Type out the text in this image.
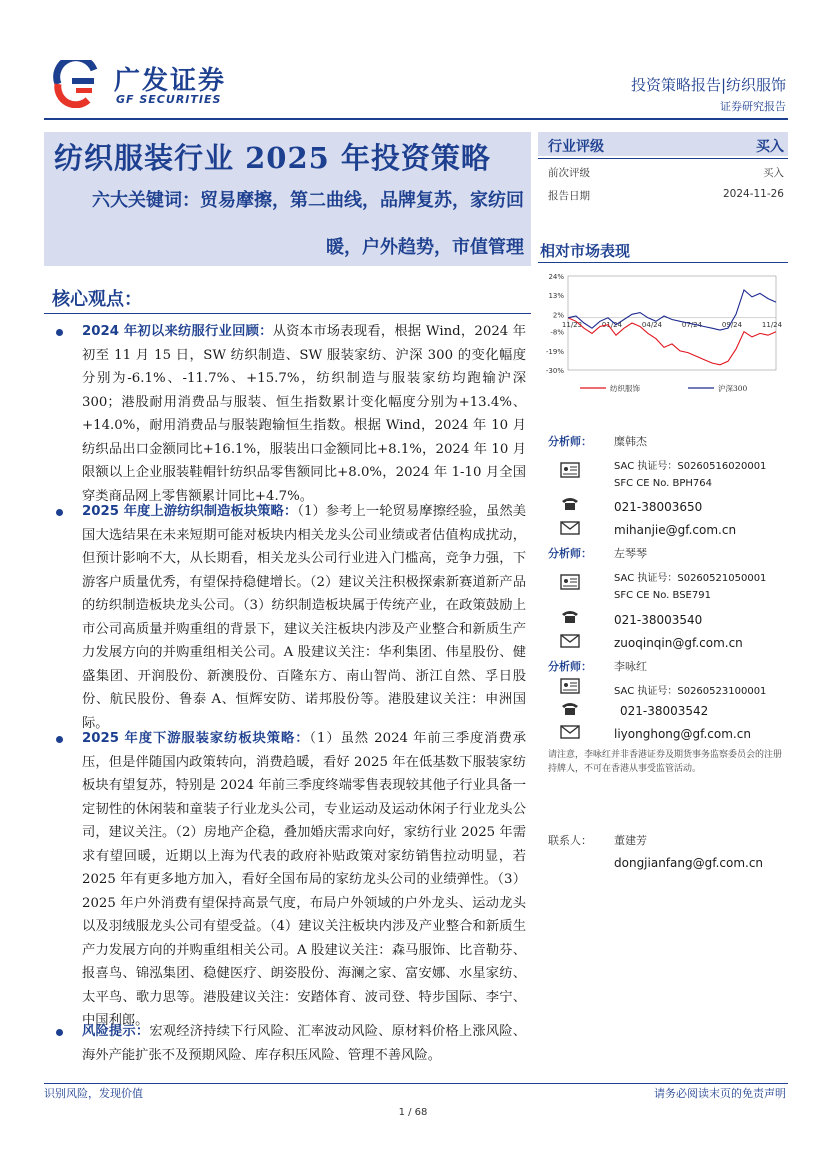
广发证券
GF SECURITIES
投资策略报告|纺织服饰
证券研究报告
纺织服装行业 2025 年投资策略
六大关键词：贸易摩擦，第二曲线，品牌复苏，家纺回
暖，户外趋势，市值管理
核心观点：
2024 年初以来纺服行业回顾：从资本市场表现看，根据 Wind，2024 年初至 11 月 15 日，SW 纺织制造、SW 服装家纺、沪深 300 的变化幅度分别为-6.1%、-11.7%、+15.7%，纺织制造与服装家纺均跑输沪深 300；港股耐用消费品与服装、恒生指数累计变化幅度分别为+13.4%、+14.0%，耐用消费品与服装跑输恒生指数。根据 Wind，2024 年 10 月纺织品出口金额同比+16.1%，服装出口金额同比+8.1%，2024 年 10 月限额以上企业服装鞋帽针纺织品零售额同比+8.0%，2024 年 1-10 月全国穿类商品网上零售额累计同比+4.7%。
2025 年度上游纺织制造板块策略：（1）参考上一轮贸易摩擦经验，虽然美国大选结果在未来短期可能对板块内相关龙头公司业绩或者估值构成扰动，但预计影响不大，从长期看，相关龙头公司行业进入门槛高，竞争力强，下游客户质量优秀，有望保持稳健增长。（2）建议关注积极探索新赛道新产品的纺织制造板块龙头公司。（3）纺织制造板块属于传统产业，在政策鼓励上市公司高质量并购重组的背景下，建议关注板块内涉及产业整合和新质生产力发展方向的并购重组相关公司。A 股建议关注：华利集团、伟星股份、健盛集团、开润股份、新澳股份、百隆东方、南山智尚、浙江自然、孚日股份、航民股份、鲁泰 A、恒辉安防、诺邦股份等。港股建议关注：申洲国际。
2025 年度下游服装家纺板块策略：（1）虽然 2024 年前三季度消费承压，但是伴随国内政策转向，消费趋暖，看好 2025 年在低基数下服装家纺板块有望复苏，特别是 2024 年前三季度终端零售表现较其他子行业具备一定韧性的休闲装和童装子行业龙头公司，专业运动及运动休闲子行业龙头公司，建议关注。（2）房地产企稳，叠加婚庆需求向好，家纺行业 2025 年需求有望回暖，近期以上海为代表的政府补贴政策对家纺销售拉动明显，若 2025 年有更多地方加入，看好全国布局的家纺龙头公司的业绩弹性。（3）2025 年户外消费有望保持高景气度，布局户外领域的户外龙头、运动龙头以及羽绒服龙头公司有望受益。（4）建议关注板块内涉及产业整合和新质生产力发展方向的并购重组相关公司。A 股建议关注：森马服饰、比音勒芬、报喜鸟、锦泓集团、稳健医疗、朗姿股份、海澜之家、富安娜、水星家纺、太平鸟、歌力思等。港股建议关注：安踏体育、波司登、特步国际、李宁、中国利郎。
风险提示：宏观经济持续下行风险、汇率波动风险、原材料价格上涨风险、海外产能扩张不及预期风险、库存积压风险、管理不善风险。
行业评级	买入
前次评级	买入
报告日期	2024-11-26
相对市场表现
24%
13%
2%
-8%
-19%
-30%
11/23	01/24	04/24	07/24	09/24	11/24
纺织服饰	沪深300
分析师： 糜韩杰
SAC 执证号：S0260516020001
SFC CE No. BPH764
021-38003650
mihanjie@gf.com.cn
分析师： 左琴琴
SAC 执证号：S0260521050001
SFC CE No. BSE791
021-38003540
zuoqinqin@gf.com.cn
分析师： 李咏红
SAC 执证号：S0260523100001
021-38003542
liyonghong@gf.com.cn
请注意，李咏红并非香港证券及期货事务监察委员会的注册持牌人，不可在香港从事受监管活动。
联系人： 董建芳
dongjianfang@gf.com.cn
识别风险，发现价值	请务必阅读末页的免责声明
1 / 68
